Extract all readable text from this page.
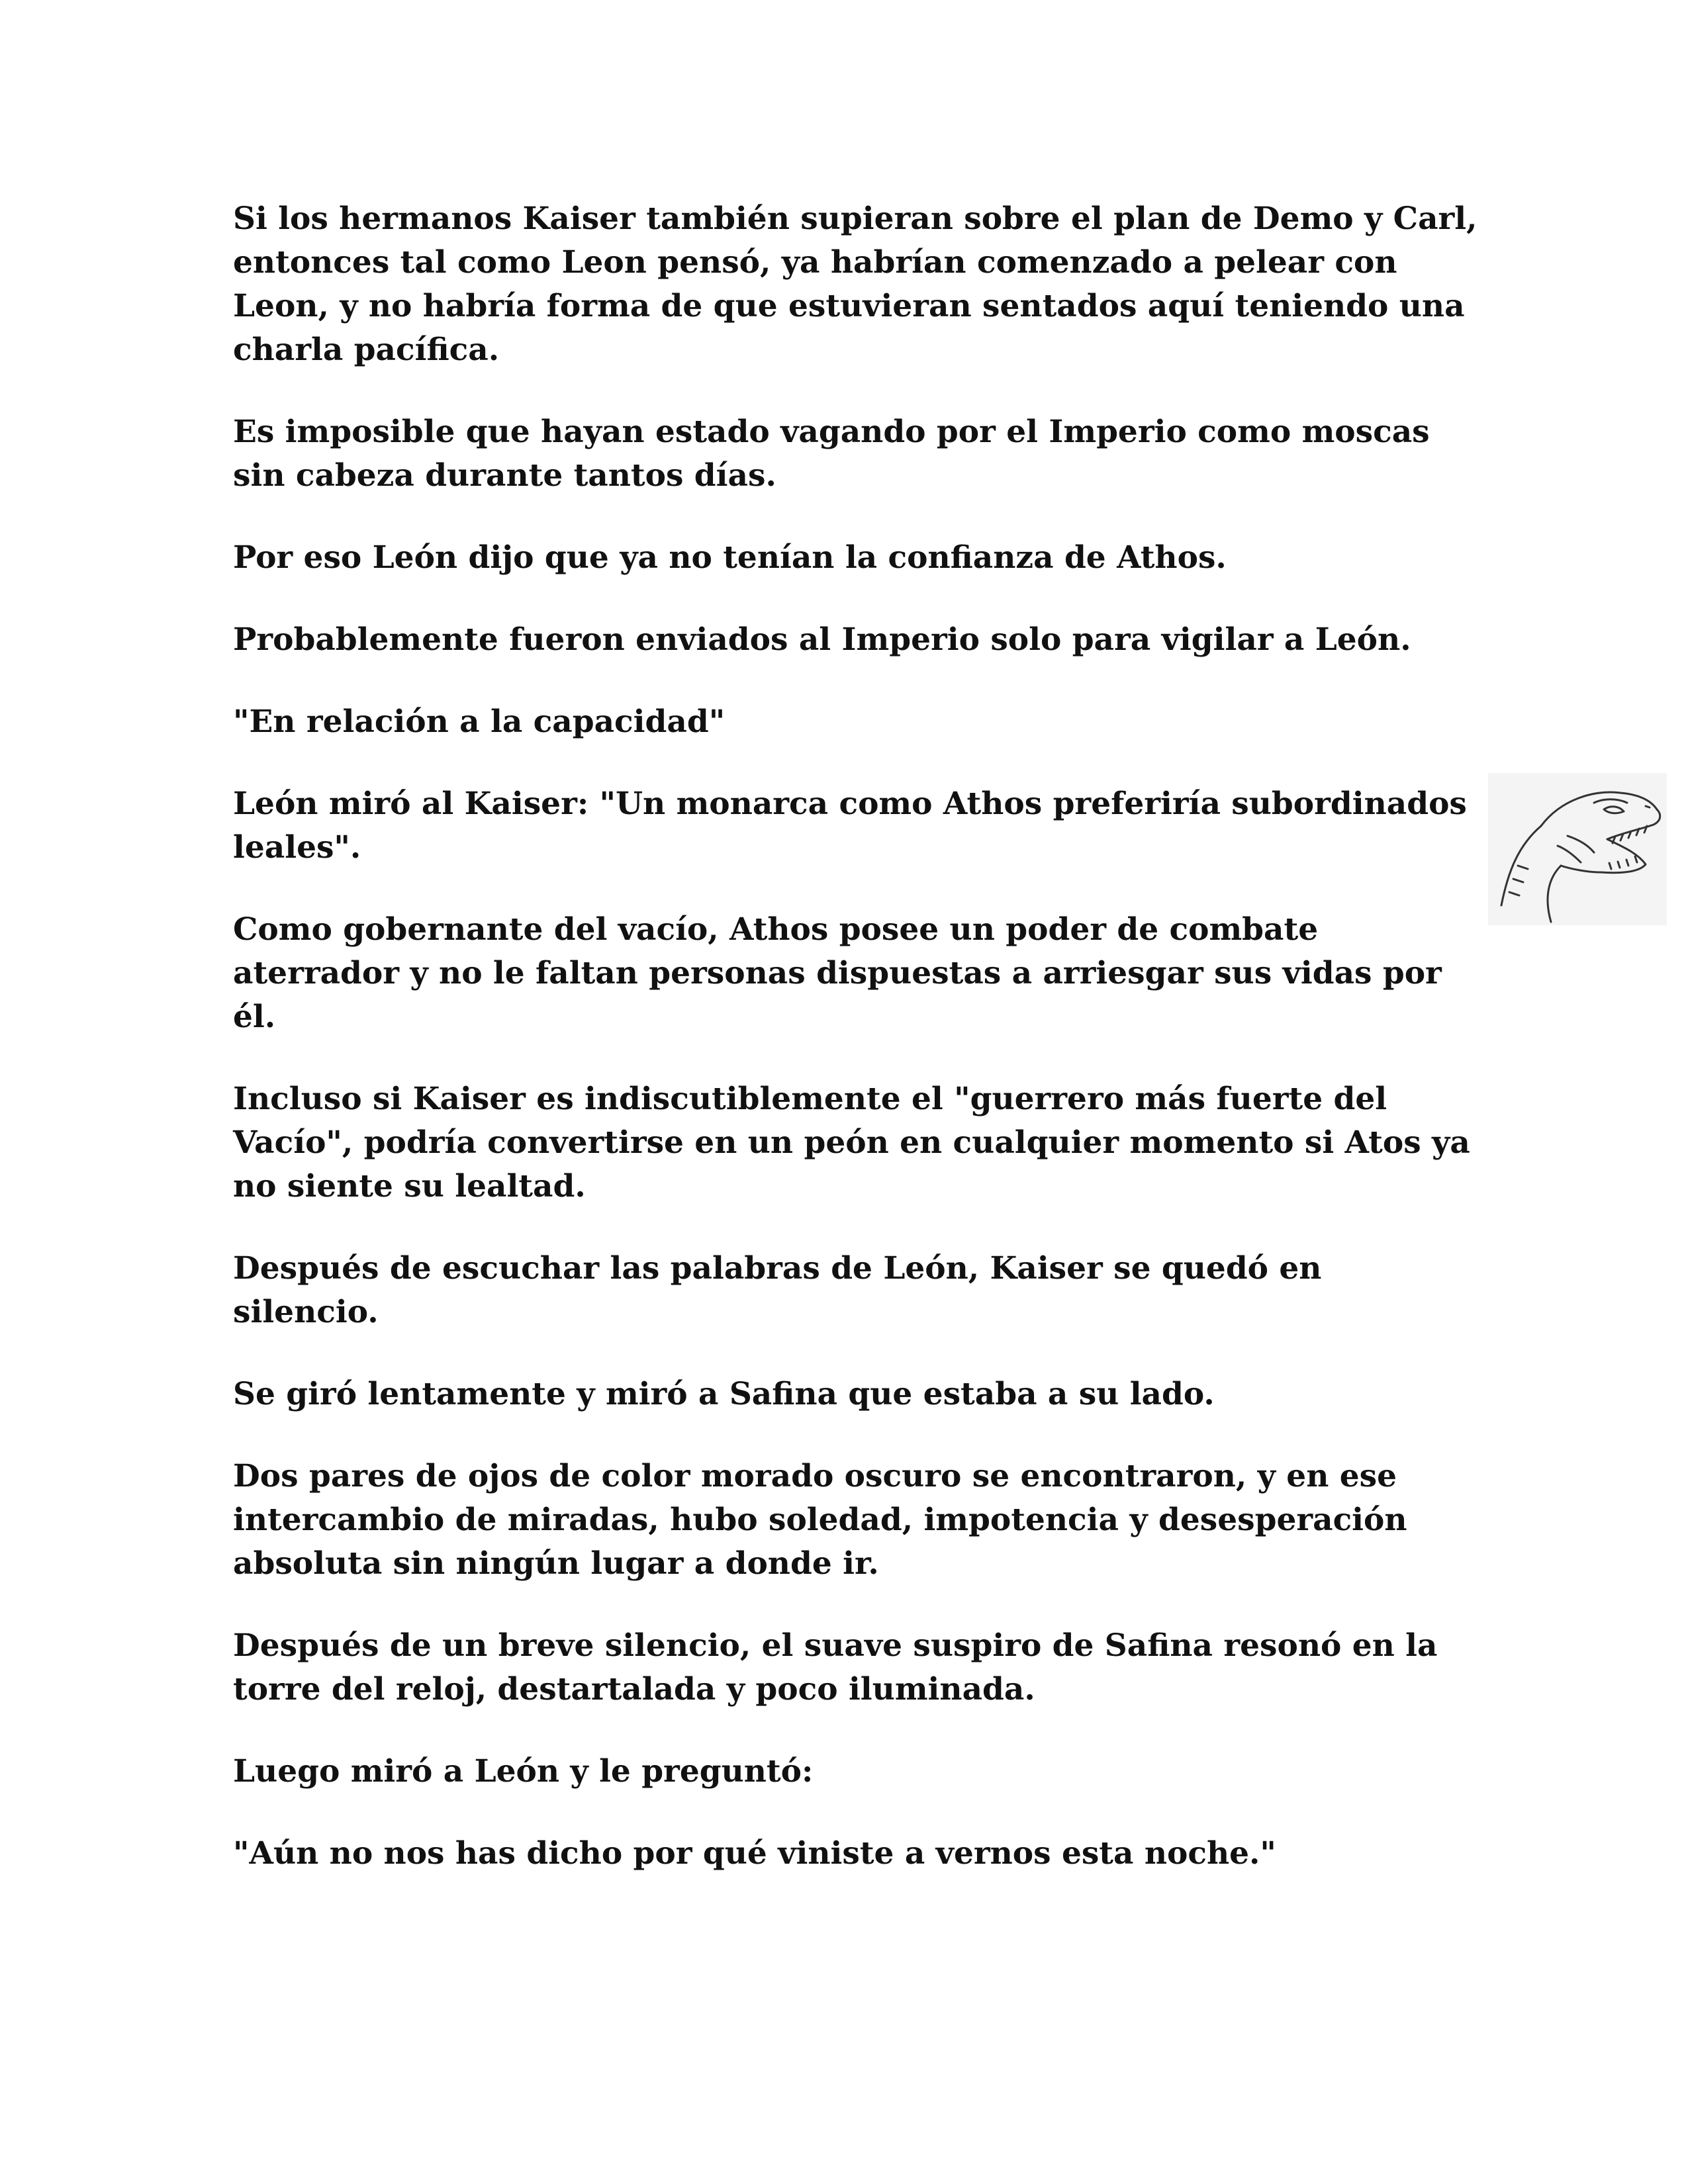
Si los hermanos Kaiser también supieran sobre el plan de Demo y Carl, entonces tal como Leon pensó, ya habrían comenzado a pelear con Leon, y no habría forma de que estuvieran sentados aquí teniendo una charla pacífica.

Es imposible que hayan estado vagando por el Imperio como moscas sin cabeza durante tantos días.

Por eso León dijo que ya no tenían la confianza de Athos.

Probablemente fueron enviados al Imperio solo para vigilar a León.

"En relación a la capacidad"

León miró al Kaiser: "Un monarca como Athos preferiría subordinados leales".

Como gobernante del vacío, Athos posee un poder de combate aterrador y no le faltan personas dispuestas a arriesgar sus vidas por él.

Incluso si Kaiser es indiscutiblemente el "guerrero más fuerte del Vacío", podría convertirse en un peón en cualquier momento si Atos ya no siente su lealtad.

Después de escuchar las palabras de León, Kaiser se quedó en silencio.

Se giró lentamente y miró a Safina que estaba a su lado.

Dos pares de ojos de color morado oscuro se encontraron, y en ese intercambio de miradas, hubo soledad, impotencia y desesperación absoluta sin ningún lugar a donde ir.

Después de un breve silencio, el suave suspiro de Safina resonó en la torre del reloj, destartalada y poco iluminada.

Luego miró a León y le preguntó:

"Aún no nos has dicho por qué viniste a vernos esta noche."
